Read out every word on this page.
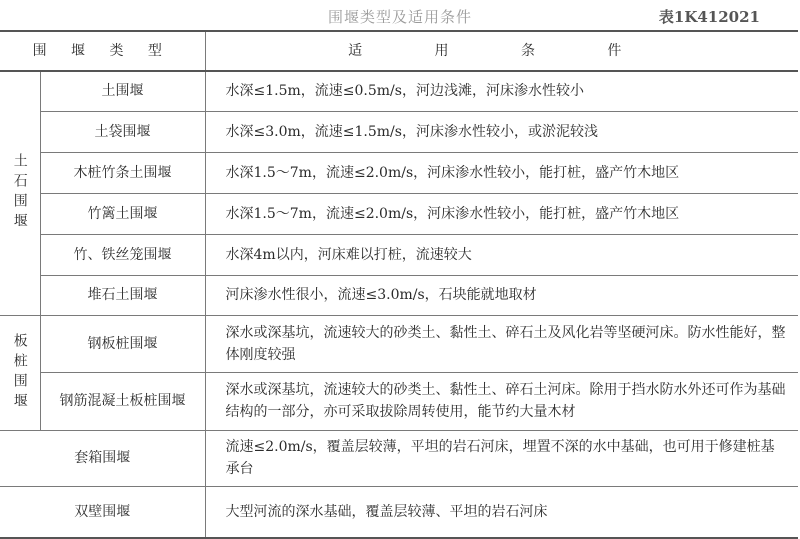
围堰类型及适用条件	表1K412021
围 堰 类 型		适 用 条 件
土石围堰	土围堰	水深≤1.5m，流速≤0.5m/s，河边浅滩，河床渗水性较小
	土袋围堰	水深≤3.0m，流速≤1.5m/s，河床渗水性较小，或淤泥较浅
	木桩竹条土围堰	水深1.5～7m，流速≤2.0m/s，河床渗水性较小，能打桩，盛产竹木地区
	竹篱土围堰	水深1.5～7m，流速≤2.0m/s，河床渗水性较小，能打桩，盛产竹木地区
	竹、铁丝笼围堰	水深4m以内，河床难以打桩，流速较大
	堆石土围堰	河床渗水性很小，流速≤3.0m/s，石块能就地取材
板桩围堰	钢板桩围堰	深水或深基坑，流速较大的砂类土、黏性土、碎石土及风化岩等坚硬河床。防水性能好，整体刚度较强
	钢筋混凝土板桩围堰	深水或深基坑，流速较大的砂类土、黏性土、碎石土河床。除用于挡水防水外还可作为基础结构的一部分，亦可采取拔除周转使用，能节约大量木材
套箱围堰		流速≤2.0m/s，覆盖层较薄，平坦的岩石河床，埋置不深的水中基础，也可用于修建桩基承台
双壁围堰		大型河流的深水基础，覆盖层较薄、平坦的岩石河床
